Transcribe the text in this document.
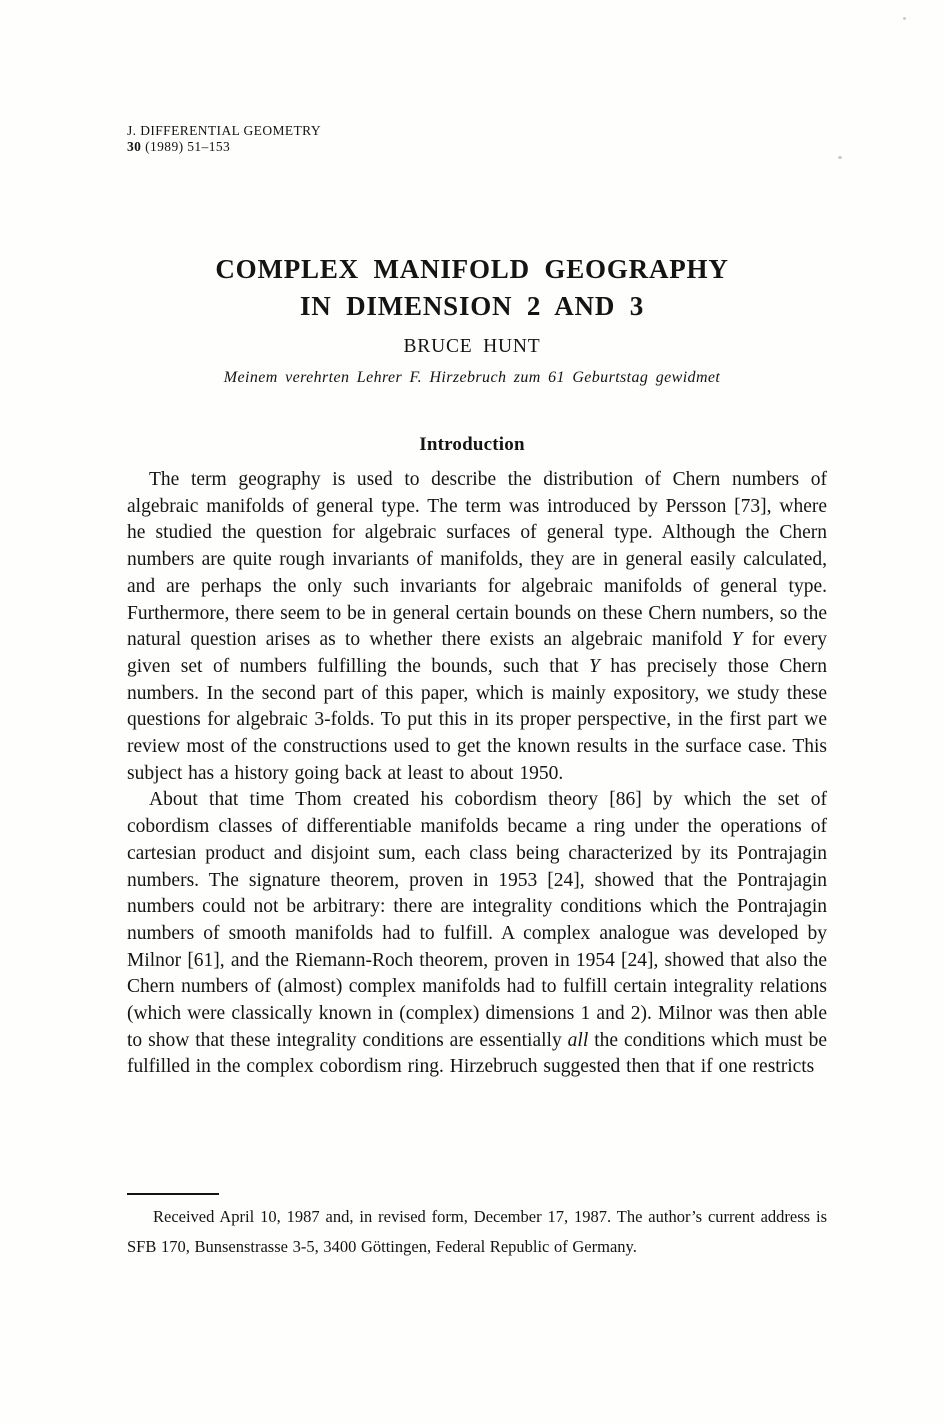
J. DIFFERENTIAL GEOMETRY
30 (1989) 51–153
COMPLEX MANIFOLD GEOGRAPHY
IN DIMENSION 2 AND 3
BRUCE HUNT
Meinem verehrten Lehrer F. Hirzebruch zum 61 Geburtstag gewidmet
Introduction

The term geography is used to describe the distribution of Chern numbers of algebraic manifolds of general type. The term was introduced by Persson [73], where he studied the question for algebraic surfaces of general type. Although the Chern numbers are quite rough invariants of manifolds, they are in general easily calculated, and are perhaps the only such invariants for algebraic manifolds of general type. Furthermore, there seem to be in general certain bounds on these Chern numbers, so the natural question arises as to whether there exists an algebraic manifold Y for every given set of numbers fulfilling the bounds, such that Y has precisely those Chern numbers. In the second part of this paper, which is mainly expository, we study these questions for algebraic 3-folds. To put this in its proper perspective, in the first part we review most of the constructions used to get the known results in the surface case. This subject has a history going back at least to about 1950.

About that time Thom created his cobordism theory [86] by which the set of cobordism classes of differentiable manifolds became a ring under the operations of cartesian product and disjoint sum, each class being characterized by its Pontrajagin numbers. The signature theorem, proven in 1953 [24], showed that the Pontrajagin numbers could not be arbitrary: there are integrality conditions which the Pontrajagin numbers of smooth manifolds had to fulfill. A complex analogue was developed by Milnor [61], and the Riemann-Roch theorem, proven in 1954 [24], showed that also the Chern numbers of (almost) complex manifolds had to fulfill certain integrality relations (which were classically known in (complex) dimensions 1 and 2). Milnor was then able to show that these integrality conditions are essentially all the conditions which must be fulfilled in the complex cobordism ring. Hirzebruch suggested then that if one restricts

Received April 10, 1987 and, in revised form, December 17, 1987. The author’s current address is SFB 170, Bunsenstrasse 3-5, 3400 Göttingen, Federal Republic of Germany.
